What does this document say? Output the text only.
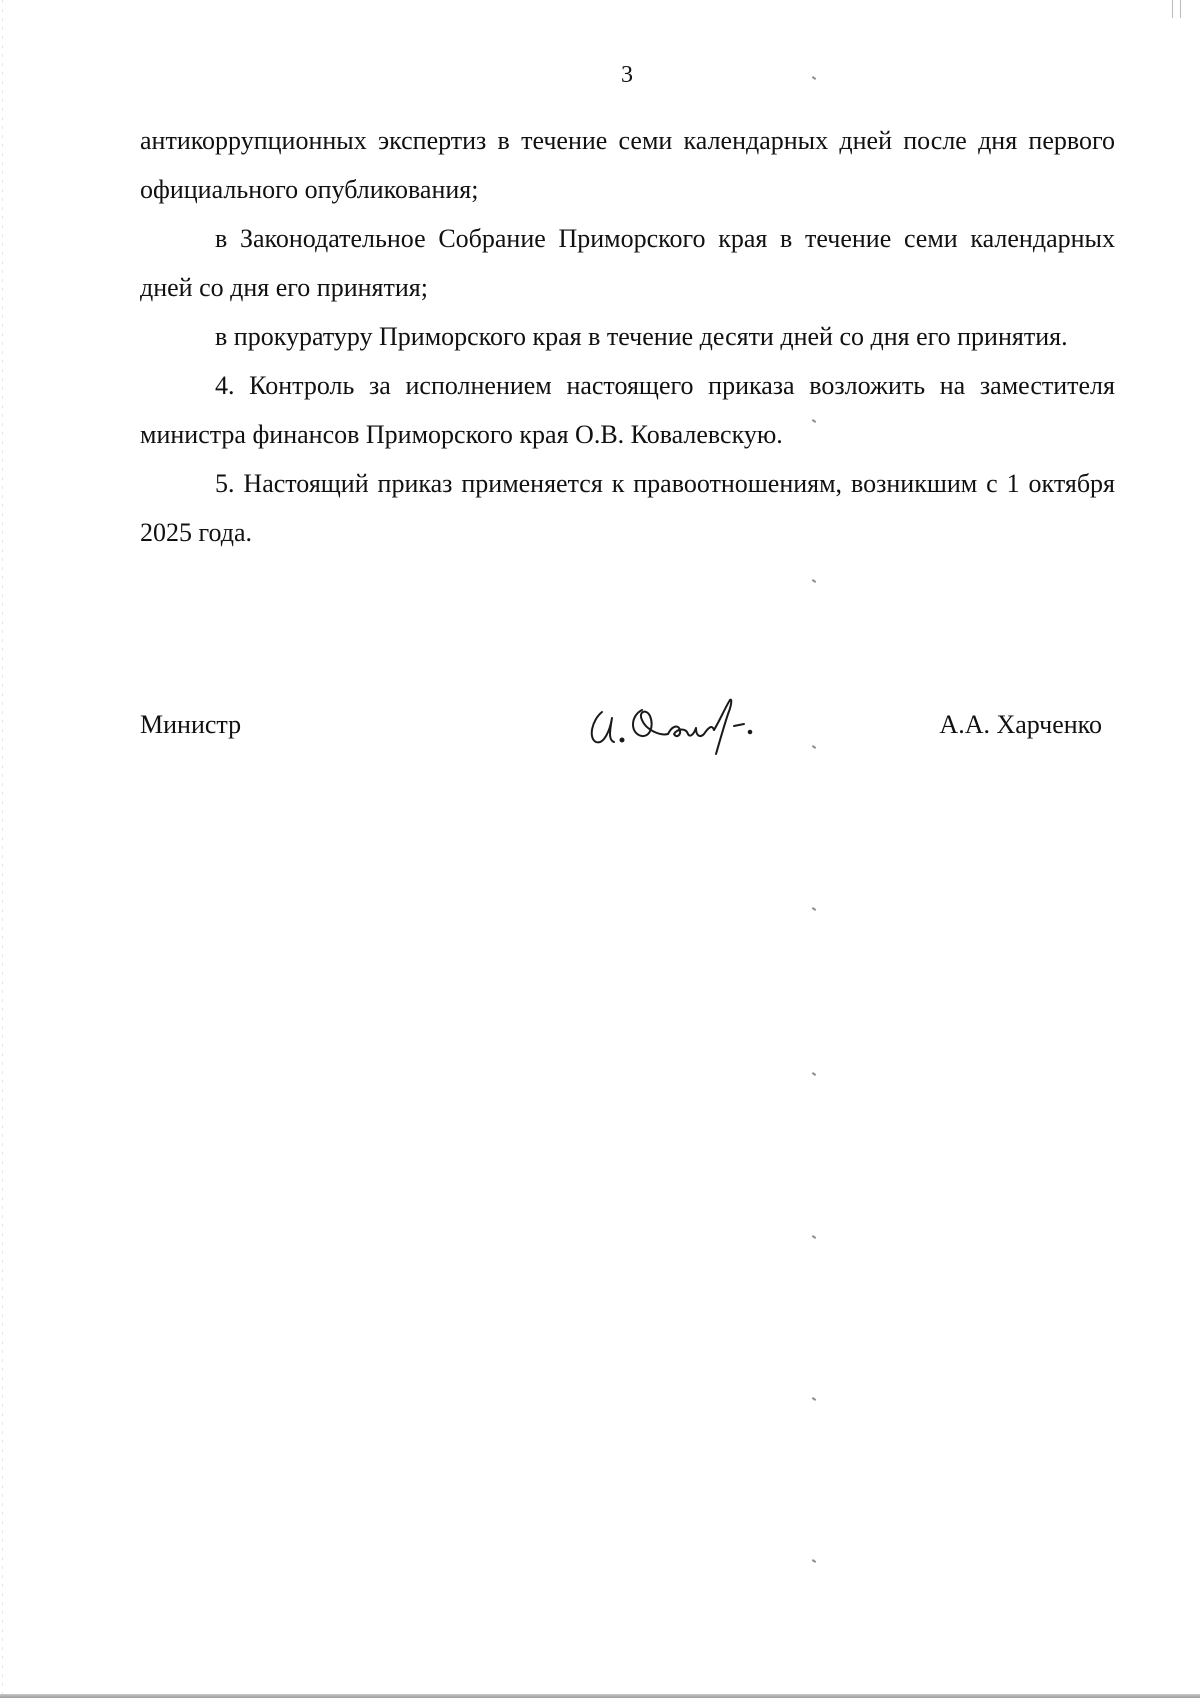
3

антикоррупционных экспертиз в течение семи календарных дней после дня первого официального опубликования;

в Законодательное Собрание Приморского края в течение семи календарных дней со дня его принятия;

в прокуратуру Приморского края в течение десяти дней со дня его принятия.

4. Контроль за исполнением настоящего приказа возложить на заместителя министра финансов Приморского края О.В. Ковалевскую.

5. Настоящий приказ применяется к правоотношениям, возникшим с 1 октября 2025 года.

Министр	А.А. Харченко
